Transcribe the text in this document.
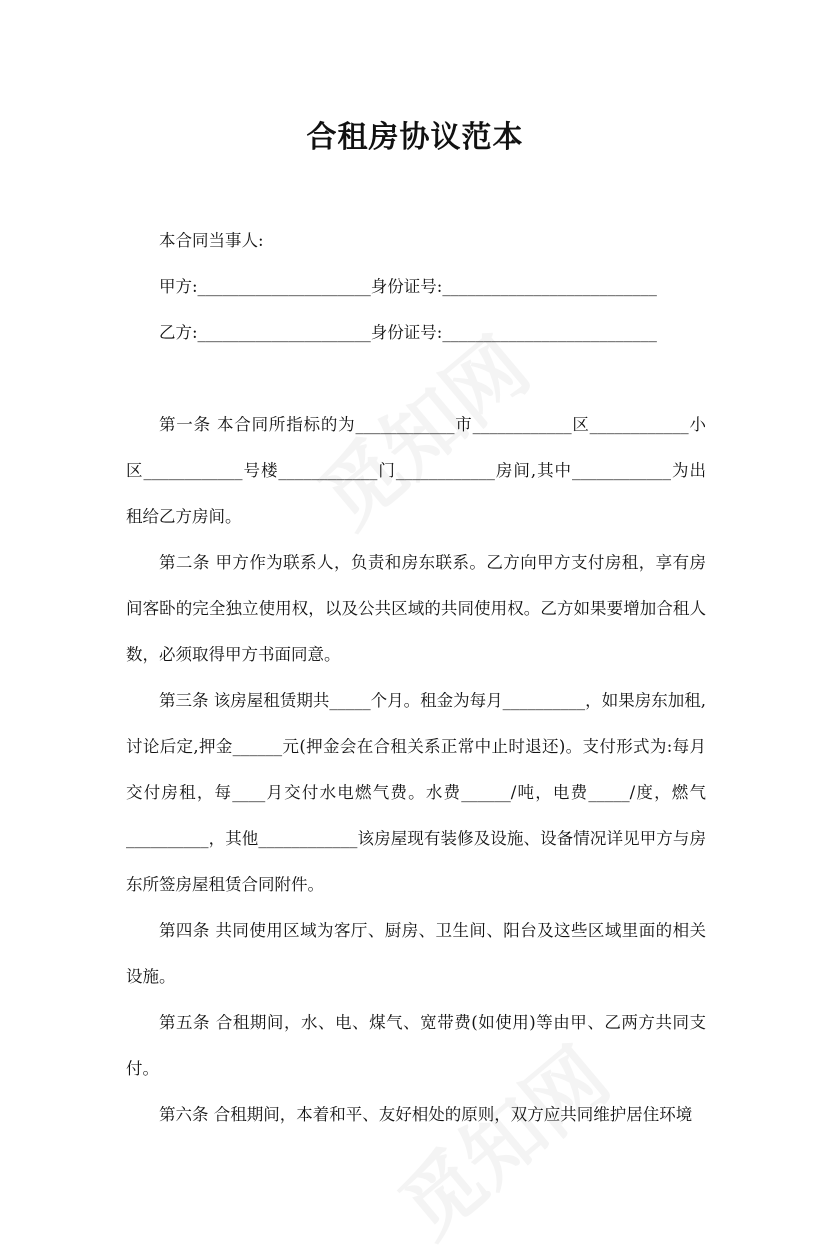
合租房协议范本

本合同当事人:

甲方:_____________________身份证号:__________________________

乙方:_____________________身份证号:__________________________

第一条 本合同所指标的为____________市____________区____________小区____________号楼____________门____________房间,其中____________为出租给乙方房间。

第二条 甲方作为联系人，负责和房东联系。乙方向甲方支付房租，享有房间客卧的完全独立使用权，以及公共区域的共同使用权。乙方如果要增加合租人数，必须取得甲方书面同意。

第三条 该房屋租赁期共_____个月。租金为每月__________，如果房东加租,讨论后定,押金______元(押金会在合租关系正常中止时退还)。支付形式为:每月交付房租，每____月交付水电燃气费。水费______/吨，电费_____/度，燃气__________，其他____________该房屋现有装修及设施、设备情况详见甲方与房东所签房屋租赁合同附件。

第四条 共同使用区域为客厅、厨房、卫生间、阳台及这些区域里面的相关设施。

第五条 合租期间，水、电、煤气、宽带费(如使用)等由甲、乙两方共同支付。

第六条 合租期间，本着和平、友好相处的原则，双方应共同维护居住环境
